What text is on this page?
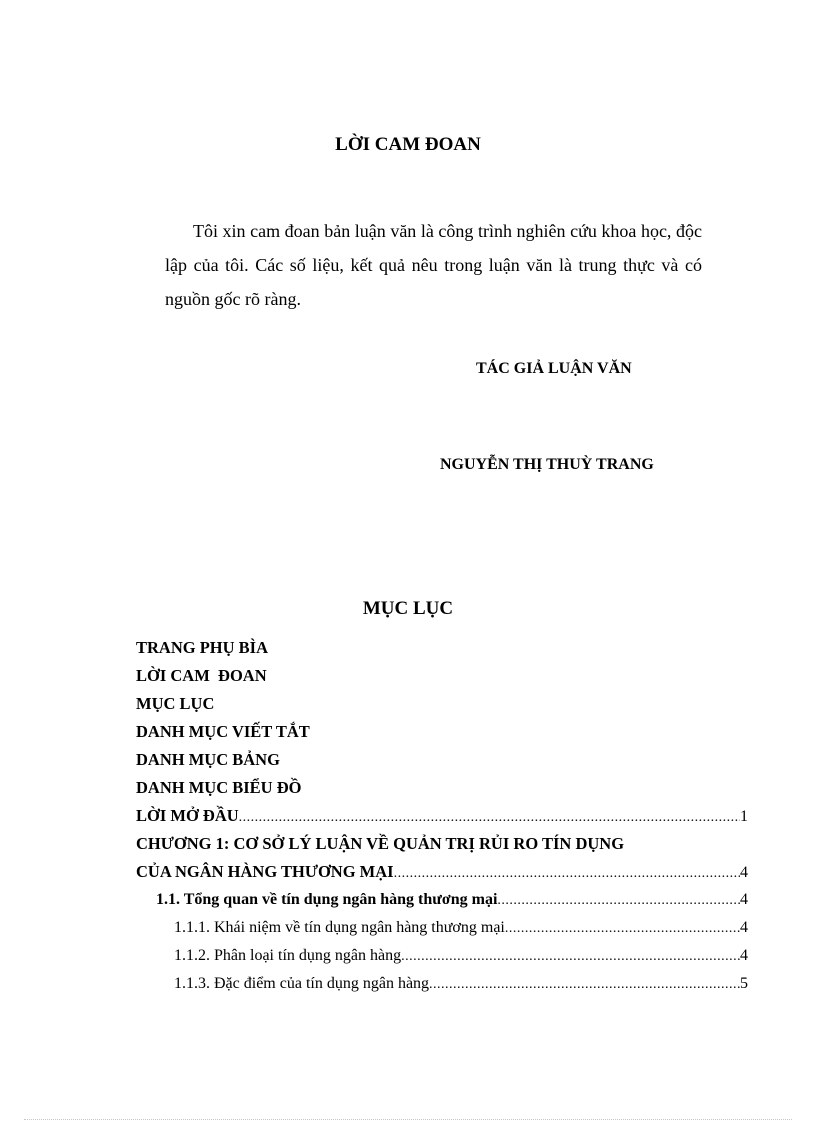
LỜI CAM ĐOAN

Tôi xin cam đoan bản luận văn là công trình nghiên cứu khoa học, độc lập của tôi. Các số liệu, kết quả nêu trong luận văn là trung thực và có nguồn gốc rõ ràng.

TÁC GIẢ LUẬN VĂN
NGUYỄN THỊ THUỲ TRANG
MỤC LỤC
TRANG PHỤ BÌA
LỜI CAM  ĐOAN
MỤC LỤC
DANH MỤC VIẾT TẮT
DANH MỤC BẢNG
DANH MỤC BIỂU ĐỒ
LỜI MỞ ĐẦU .....	1
CHƯƠNG 1: CƠ SỞ LÝ LUẬN VỀ QUẢN TRỊ RỦI RO TÍN DỤNG
CỦA NGÂN HÀNG THƯƠNG MẠI .....	4
1.1. Tổng quan về tín dụng ngân hàng thương mại .....	4
1.1.1. Khái niệm về tín dụng ngân hàng thương mại .....	4
1.1.2. Phân loại tín dụng ngân hàng .....	4
1.1.3. Đặc điểm của tín dụng ngân hàng .....	5
